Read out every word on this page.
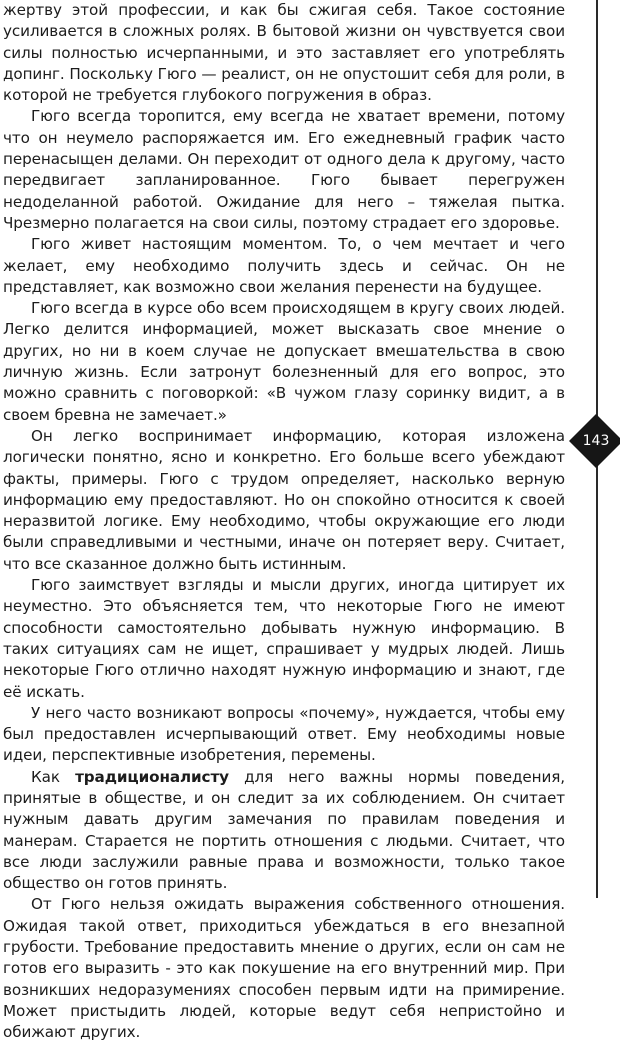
жертву этой профессии, и как бы сжигая себя. Такое состояние усиливается в сложных ролях. В бытовой жизни он чувствуется свои силы полностью исчерпанными, и это заставляет его употреблять допинг. Поскольку Гюго — реалист, он не опустошит себя для роли, в которой не требуется глубокого погружения в образ.

Гюго всегда торопится, ему всегда не хватает времени, потому что он неумело распоряжается им. Его ежедневный график часто перенасыщен делами. Он переходит от одного дела к другому, часто передвигает запланированное. Гюго бывает перегружен недоделанной работой. Ожидание для него – тяжелая пытка. Чрезмерно полагается на свои силы, поэтому страдает его здоровье.

Гюго живет настоящим моментом. То, о чем мечтает и чего желает, ему необходимо получить здесь и сейчас. Он не представляет, как возможно свои желания перенести на будущее.

Гюго всегда в курсе обо всем происходящем в кругу своих людей. Легко делится информацией, может высказать свое мнение о других, но ни в коем случае не допускает вмешательства в свою личную жизнь. Если затронут болезненный для его вопрос, это можно сравнить с поговоркой: «В чужом глазу соринку видит, а в своем бревна не замечает.»

Он легко воспринимает информацию, которая изложена логически понятно, ясно и конкретно. Его больше всего убеждают факты, примеры. Гюго с трудом определяет, насколько верную информацию ему предоставляют. Но он спокойно относится к своей неразвитой логике. Ему необходимо, чтобы окружающие его люди были справедливыми и честными, иначе он потеряет веру. Считает, что все сказанное должно быть истинным.

Гюго заимствует взгляды и мысли других, иногда цитирует их неуместно. Это объясняется тем, что некоторые Гюго не имеют способности самостоятельно добывать нужную информацию. В таких ситуациях сам не ищет, спрашивает у мудрых людей. Лишь некоторые Гюго отлично находят нужную информацию и знают, где её искать.

У него часто возникают вопросы «почему», нуждается, чтобы ему был предоставлен исчерпывающий ответ. Ему необходимы новые идеи, перспективные изобретения, перемены.

Как традиционалисту для него важны нормы поведения, принятые в обществе, и он следит за их соблюдением. Он считает нужным давать другим замечания по правилам поведения и манерам. Старается не портить отношения с людьми. Считает, что все люди заслужили равные права и возможности, только такое общество он готов принять.

От Гюго нельзя ожидать выражения собственного отношения. Ожидая такой ответ, приходиться убеждаться в его внезапной грубости. Требование предоставить мнение о других, если он сам не готов его выразить - это как покушение на его внутренний мир. При возникших недоразумениях способен первым идти на примирение. Может пристыдить людей, которые ведут себя непристойно и обижают других.

143
